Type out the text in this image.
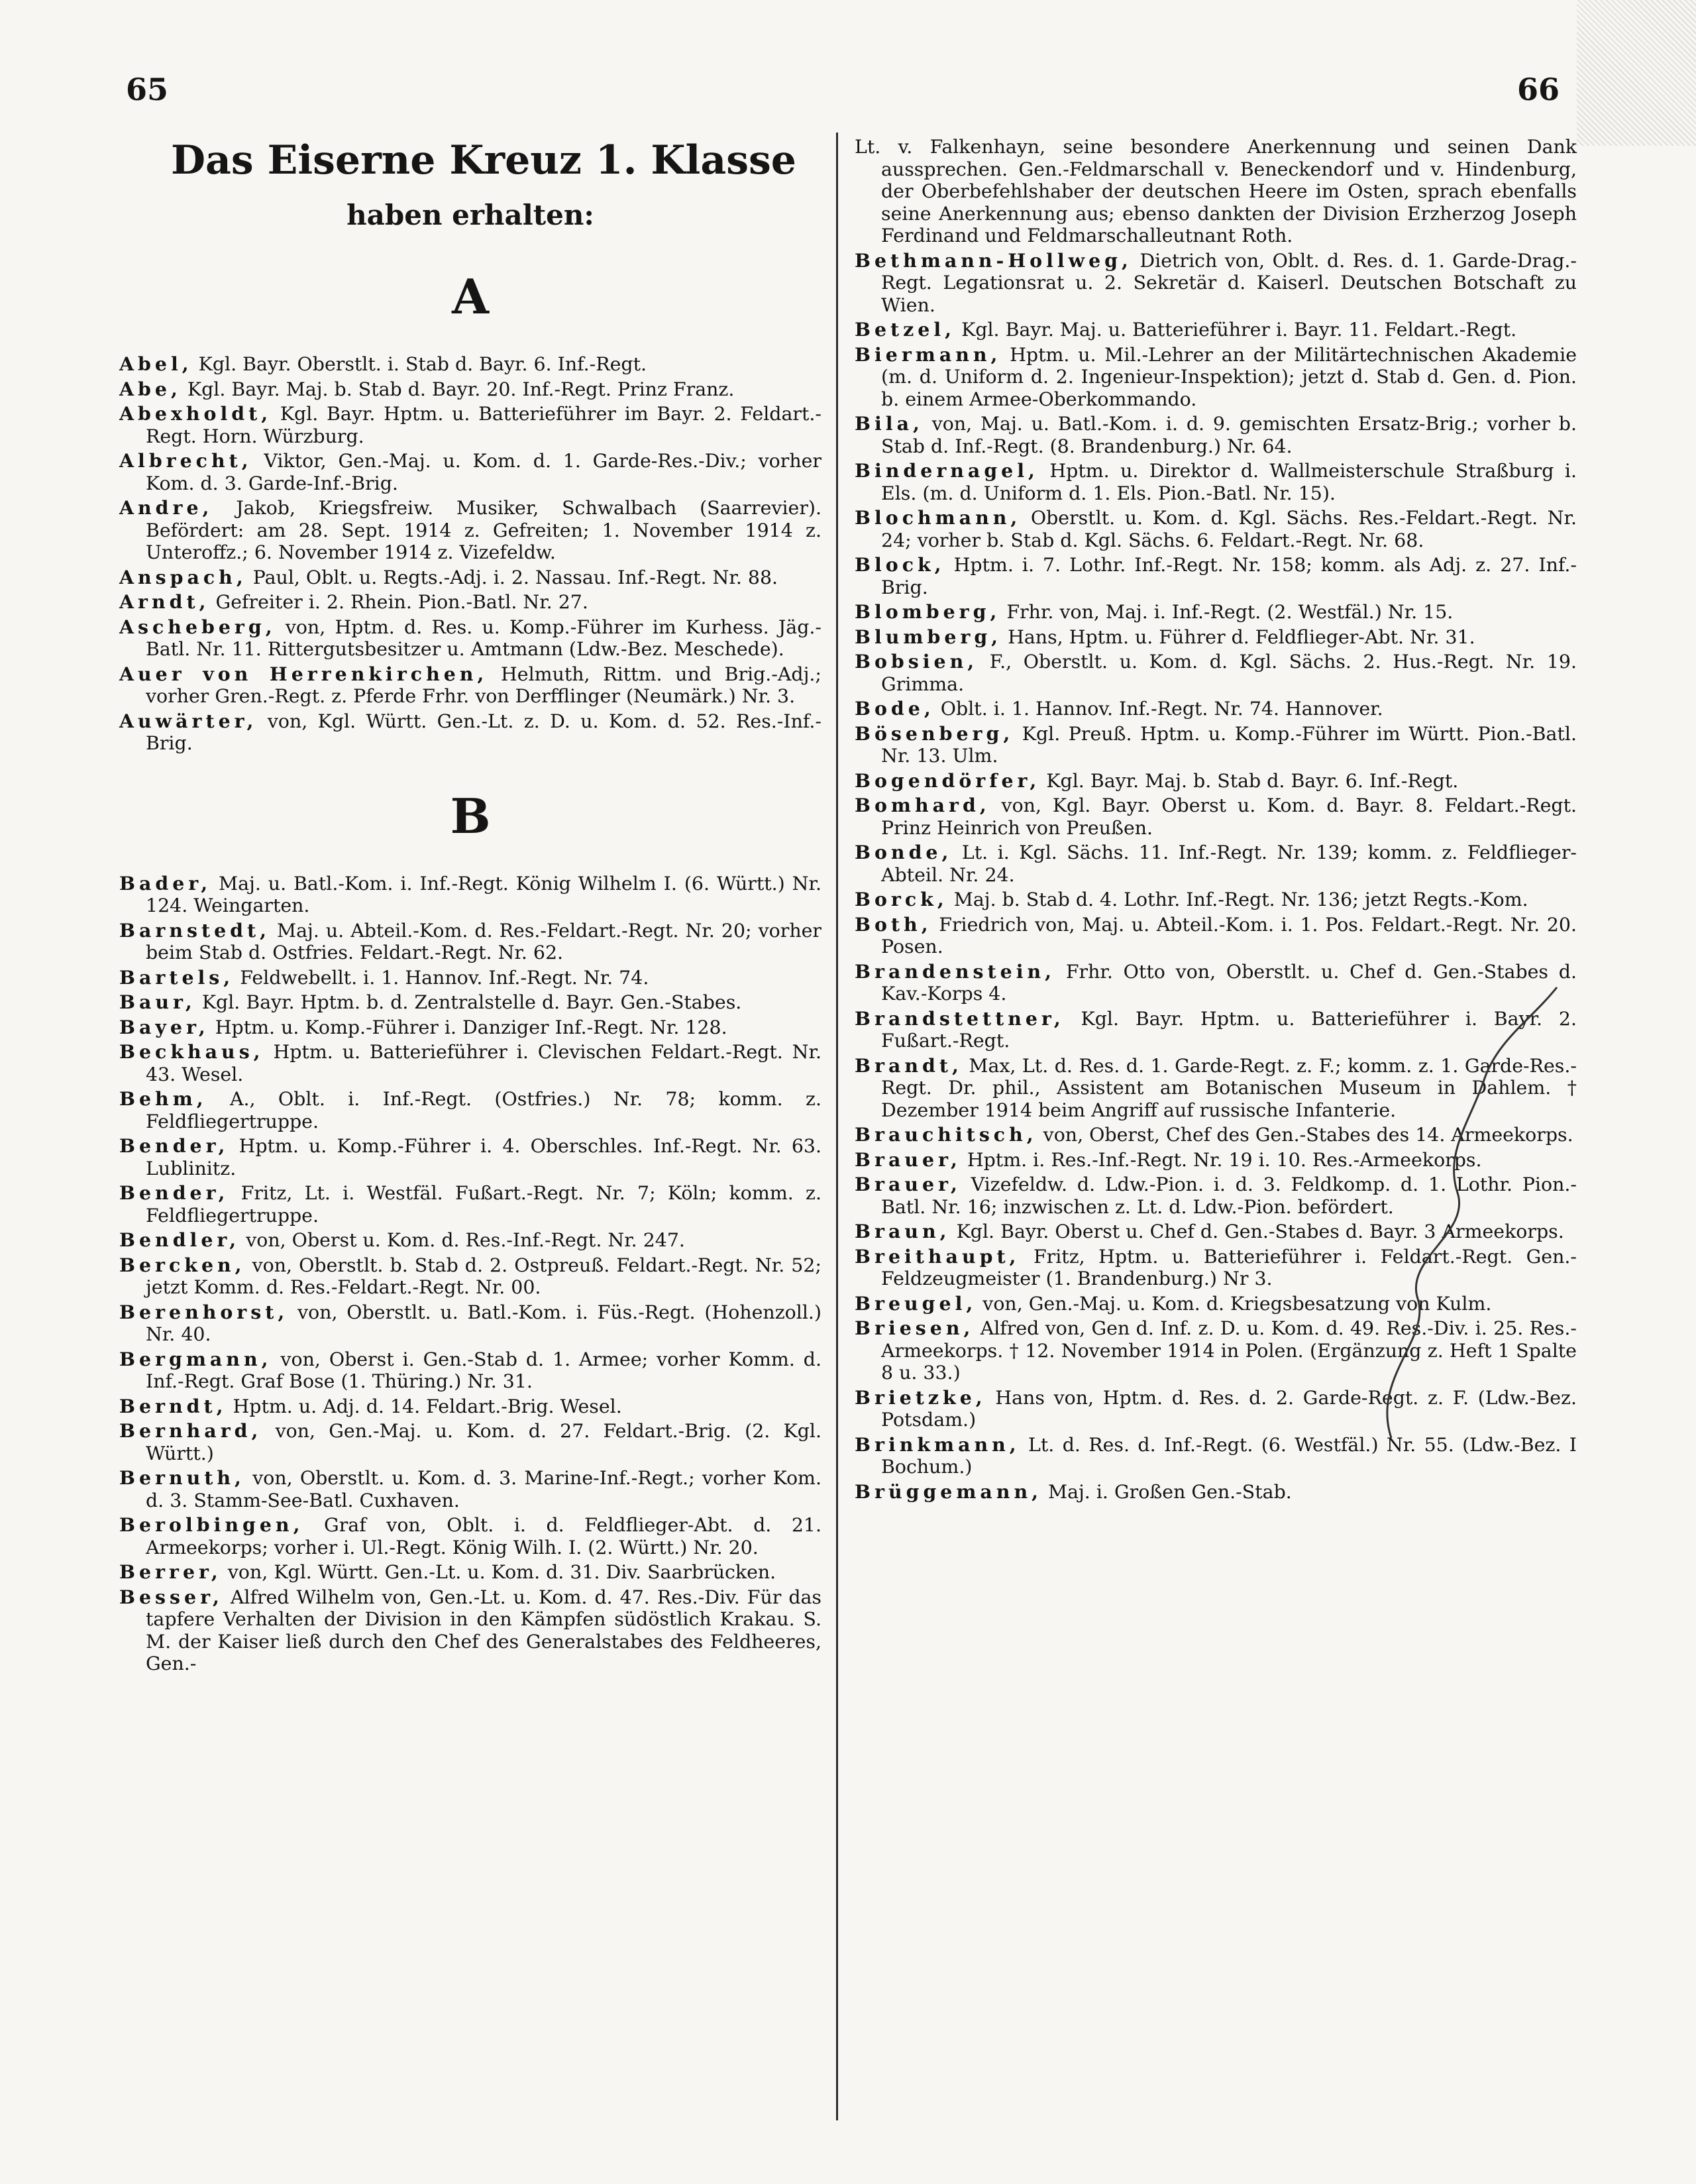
65	66
Das Eiserne Kreuz 1. Klasse
haben erhalten:
A
Abel, Kgl. Bayr. Oberstlt. i. Stab d. Bayr. 6. Inf.-Regt.
Abe, Kgl. Bayr. Maj. b. Stab d. Bayr. 20. Inf.-Regt. Prinz Franz.
Abexholdt, Kgl. Bayr. Hptm. u. Batterieführer im Bayr. 2. Feldart.-Regt. Horn. Würzburg.
Albrecht, Viktor, Gen.-Maj. u. Kom. d. 1. Garde-Res.-Div.; vorher Kom. d. 3. Garde-Inf.-Brig.
Andre, Jakob, Kriegsfreiw. Musiker, Schwalbach (Saarrevier). Befördert: am 28. Sept. 1914 z. Gefreiten; 1. November 1914 z. Unteroffz.; 6. November 1914 z. Vizefeldw.
Anspach, Paul, Oblt. u. Regts.-Adj. i. 2. Nassau. Inf.-Regt. Nr. 88.
Arndt, Gefreiter i. 2. Rhein. Pion.-Batl. Nr. 27.
Ascheberg, von, Hptm. d. Res. u. Komp.-Führer im Kurhess. Jäg.-Batl. Nr. 11. Rittergutsbesitzer u. Amtmann (Ldw.-Bez. Meschede).
Auer von Herrenkirchen, Helmuth, Rittm. und Brig.-Adj.; vorher Gren.-Regt. z. Pferde Frhr. von Derfflinger (Neumärk.) Nr. 3.
Auwärter, von, Kgl. Württ. Gen.-Lt. z. D. u. Kom. d. 52. Res.-Inf.-Brig.
B
Bader, Maj. u. Batl.-Kom. i. Inf.-Regt. König Wilhelm I. (6. Württ.) Nr. 124. Weingarten.
Barnstedt, Maj. u. Abteil.-Kom. d. Res.-Feldart.-Regt. Nr. 20; vorher beim Stab d. Ostfries. Feldart.-Regt. Nr. 62.
Bartels, Feldwebellt. i. 1. Hannov. Inf.-Regt. Nr. 74.
Baur, Kgl. Bayr. Hptm. b. d. Zentralstelle d. Bayr. Gen.-Stabes.
Bayer, Hptm. u. Komp.-Führer i. Danziger Inf.-Regt. Nr. 128.
Beckhaus, Hptm. u. Batterieführer i. Clevischen Feldart.-Regt. Nr. 43. Wesel.
Behm, A., Oblt. i. Inf.-Regt. (Ostfries.) Nr. 78; komm. z. Feldfliegertruppe.
Bender, Hptm. u. Komp.-Führer i. 4. Oberschles. Inf.-Regt. Nr. 63. Lublinitz.
Bender, Fritz, Lt. i. Westfäl. Fußart.-Regt. Nr. 7; Köln; komm. z. Feldfliegertruppe.
Bendler, von, Oberst u. Kom. d. Res.-Inf.-Regt. Nr. 247.
Bercken, von, Oberstlt. b. Stab d. 2. Ostpreuß. Feldart.-Regt. Nr. 52; jetzt Komm. d. Res.-Feldart.-Regt. Nr. 00.
Berenhorst, von, Oberstlt. u. Batl.-Kom. i. Füs.-Regt. (Hohenzoll.) Nr. 40.
Bergmann, von, Oberst i. Gen.-Stab d. 1. Armee; vorher Komm. d. Inf.-Regt. Graf Bose (1. Thüring.) Nr. 31.
Berndt, Hptm. u. Adj. d. 14. Feldart.-Brig. Wesel.
Bernhard, von, Gen.-Maj. u. Kom. d. 27. Feldart.-Brig. (2. Kgl. Württ.)
Bernuth, von, Oberstlt. u. Kom. d. 3. Marine-Inf.-Regt.; vorher Kom. d. 3. Stamm-See-Batl. Cuxhaven.
Berolbingen, Graf von, Oblt. i. d. Feldflieger-Abt. d. 21. Armeekorps; vorher i. Ul.-Regt. König Wilh. I. (2. Württ.) Nr. 20.
Berrer, von, Kgl. Württ. Gen.-Lt. u. Kom. d. 31. Div. Saarbrücken.
Besser, Alfred Wilhelm von, Gen.-Lt. u. Kom. d. 47. Res.-Div. Für das tapfere Verhalten der Division in den Kämpfen südöstlich Krakau. S. M. der Kaiser ließ durch den Chef des Generalstabes des Feldheeres, Gen.-
Lt. v. Falkenhayn, seine besondere Anerkennung und seinen Dank aussprechen. Gen.-Feldmarschall v. Beneckendorf und v. Hindenburg, der Oberbefehlshaber der deutschen Heere im Osten, sprach ebenfalls seine Anerkennung aus; ebenso dankten der Division Erzherzog Joseph Ferdinand und Feldmarschalleutnant Roth.
Bethmann-Hollweg, Dietrich von, Oblt. d. Res. d. 1. Garde-Drag.-Regt. Legationsrat u. 2. Sekretär d. Kaiserl. Deutschen Botschaft zu Wien.
Betzel, Kgl. Bayr. Maj. u. Batterieführer i. Bayr. 11. Feldart.-Regt.
Biermann, Hptm. u. Mil.-Lehrer an der Militärtechnischen Akademie (m. d. Uniform d. 2. Ingenieur-Inspektion); jetzt d. Stab d. Gen. d. Pion. b. einem Armee-Oberkommando.
Bila, von, Maj. u. Batl.-Kom. i. d. 9. gemischten Ersatz-Brig.; vorher b. Stab d. Inf.-Regt. (8. Brandenburg.) Nr. 64.
Bindernagel, Hptm. u. Direktor d. Wallmeisterschule Straßburg i. Els. (m. d. Uniform d. 1. Els. Pion.-Batl. Nr. 15).
Blochmann, Oberstlt. u. Kom. d. Kgl. Sächs. Res.-Feldart.-Regt. Nr. 24; vorher b. Stab d. Kgl. Sächs. 6. Feldart.-Regt. Nr. 68.
Block, Hptm. i. 7. Lothr. Inf.-Regt. Nr. 158; komm. als Adj. z. 27. Inf.-Brig.
Blomberg, Frhr. von, Maj. i. Inf.-Regt. (2. Westfäl.) Nr. 15.
Blumberg, Hans, Hptm. u. Führer d. Feldflieger-Abt. Nr. 31.
Bobsien, F., Oberstlt. u. Kom. d. Kgl. Sächs. 2. Hus.-Regt. Nr. 19. Grimma.
Bode, Oblt. i. 1. Hannov. Inf.-Regt. Nr. 74. Hannover.
Bösenberg, Kgl. Preuß. Hptm. u. Komp.-Führer im Württ. Pion.-Batl. Nr. 13. Ulm.
Bogendörfer, Kgl. Bayr. Maj. b. Stab d. Bayr. 6. Inf.-Regt.
Bomhard, von, Kgl. Bayr. Oberst u. Kom. d. Bayr. 8. Feldart.-Regt. Prinz Heinrich von Preußen.
Bonde, Lt. i. Kgl. Sächs. 11. Inf.-Regt. Nr. 139; komm. z. Feldflieger-Abteil. Nr. 24.
Borck, Maj. b. Stab d. 4. Lothr. Inf.-Regt. Nr. 136; jetzt Regts.-Kom.
Both, Friedrich von, Maj. u. Abteil.-Kom. i. 1. Pos. Feldart.-Regt. Nr. 20. Posen.
Brandenstein, Frhr. Otto von, Oberstlt. u. Chef d. Gen.-Stabes d. Kav.-Korps 4.
Brandstettner, Kgl. Bayr. Hptm. u. Batterieführer i. Bayr. 2. Fußart.-Regt.
Brandt, Max, Lt. d. Res. d. 1. Garde-Regt. z. F.; komm. z. 1. Garde-Res.-Regt. Dr. phil., Assistent am Botanischen Museum in Dahlem. † Dezember 1914 beim Angriff auf russische Infanterie.
Brauchitsch, von, Oberst, Chef des Gen.-Stabes des 14. Armeekorps.
Brauer, Hptm. i. Res.-Inf.-Regt. Nr. 19 i. 10. Res.-Armeekorps.
Brauer, Vizefeldw. d. Ldw.-Pion. i. d. 3. Feldkomp. d. 1. Lothr. Pion.-Batl. Nr. 16; inzwischen z. Lt. d. Ldw.-Pion. befördert.
Braun, Kgl. Bayr. Oberst u. Chef d. Gen.-Stabes d. Bayr. 3 Armeekorps.
Breithaupt, Fritz, Hptm. u. Batterieführer i. Feldart.-Regt. Gen.-Feldzeugmeister (1. Brandenburg.) Nr 3.
Breugel, von, Gen.-Maj. u. Kom. d. Kriegsbesatzung von Kulm.
Briesen, Alfred von, Gen d. Inf. z. D. u. Kom. d. 49. Res.-Div. i. 25. Res.-Armeekorps. † 12. November 1914 in Polen. (Ergänzung z. Heft 1 Spalte 8 u. 33.)
Brietzke, Hans von, Hptm. d. Res. d. 2. Garde-Regt. z. F. (Ldw.-Bez. Potsdam.)
Brinkmann, Lt. d. Res. d. Inf.-Regt. (6. Westfäl.) Nr. 55. (Ldw.-Bez. I Bochum.)
Brüggemann, Maj. i. Großen Gen.-Stab.
